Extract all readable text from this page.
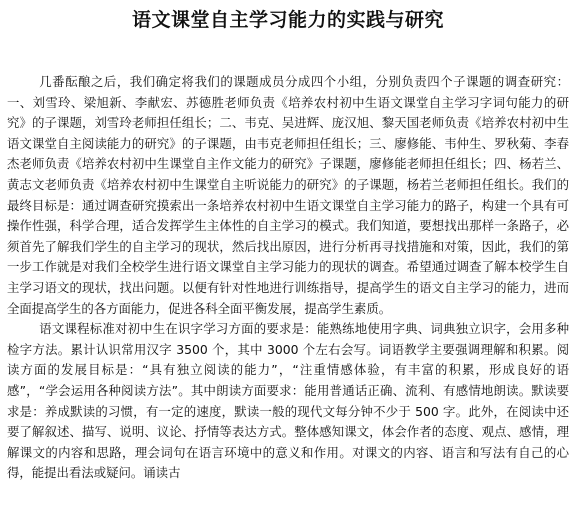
语文课堂自主学习能力的实践与研究

几番酝酿之后，我们确定将我们的课题成员分成四个小组，分别负责四个子课题的调查研究：一、刘雪玲、梁旭新、李献宏、苏德胜老师负责《培养农村初中生语文课堂自主学习字词句能力的研究》的子课题，刘雪玲老师担任组长；二、韦克、吴进辉、庞汉旭、黎天国老师负责《培养农村初中生语文课堂自主阅读能力的研究》的子课题，由韦克老师担任组长；三、廖修能、韦仲生、罗秋菊、李春杰老师负责《培养农村初中生课堂自主作文能力的研究》子课题，廖修能老师担任组长；四、杨若兰、黄志文老师负责《培养农村初中生课堂自主听说能力的研究》的子课题，杨若兰老师担任组长。我们的最终目标是：通过调查研究摸索出一条培养农村初中生语文课堂自主学习能力的路子，构建一个具有可操作性强，科学合理，适合发挥学生主体性的自主学习的模式。我们知道，要想找出那样一条路子，必须首先了解我们学生的自主学习的现状，然后找出原因，进行分析再寻找措施和对策，因此，我们的第一步工作就是对我们全校学生进行语文课堂自主学习能力的现状的调查。希望通过调查了解本校学生自主学习语文的现状，找出问题。以便有针对性地进行训练指导，提高学生的语文自主学习的能力，进而全面提高学生的各方面能力，促进各科全面平衡发展，提高学生素质。

语文课程标准对初中生在识字学习方面的要求是：能熟练地使用字典、词典独立识字，会用多种检字方法。累计认识常用汉字 3500 个，其中 3000 个左右会写。词语教学主要强调理解和积累。阅读方面的发展目标是：“具有独立阅读的能力”，“注重情感体验，有丰富的积累，形成良好的语感”，“学会运用各种阅读方法”。其中朗读方面要求：能用普通话正确、流利、有感情地朗读。默读要求是：养成默读的习惯，有一定的速度，默读一般的现代文每分钟不少于 500 字。此外，在阅读中还要了解叙述、描写、说明、议论、抒情等表达方式。整体感知课文，体会作者的态度、观点、感情，理解课文的内容和思路，理会词句在语言环境中的意义和作用。对课文的内容、语言和写法有自己的心得，能提出看法或疑问。诵读古
